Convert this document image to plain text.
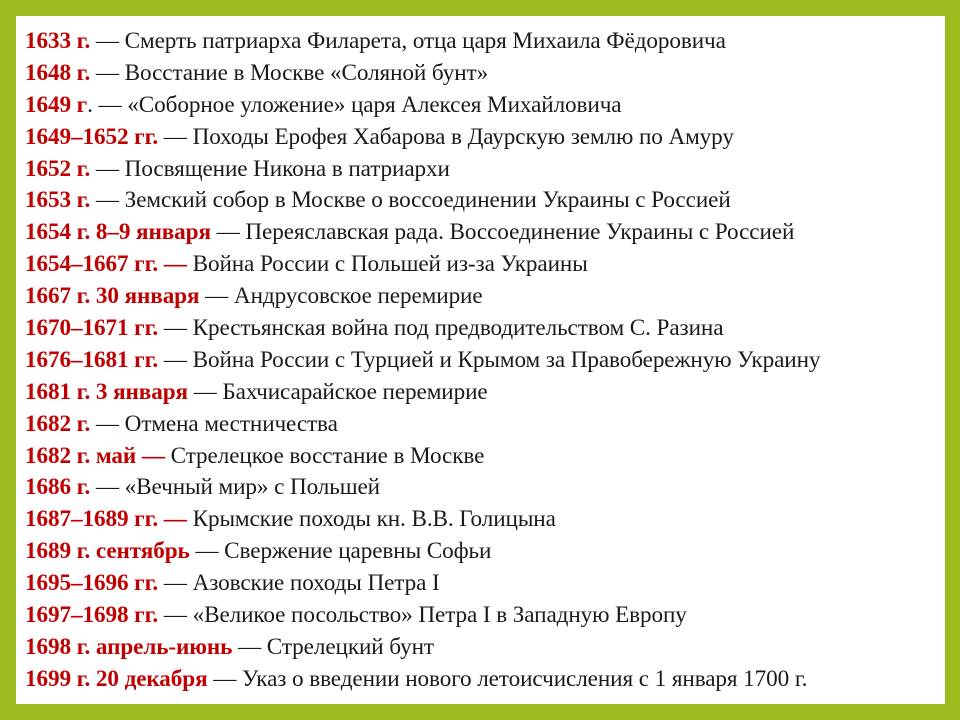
1633 г. — Смерть патриарха Филарета, отца царя Михаила Фёдоровича
1648 г. — Восстание в Москве «Соляной бунт»
1649 г. — «Соборное уложение» царя Алексея Михайловича
1649–1652 гг. — Походы Ерофея Хабарова в Даурскую землю по Амуру
1652 г. — Посвящение Никона в патриархи
1653 г. — Земский собор в Москве о воссоединении Украины с Россией
1654 г. 8–9 января — Переяславская рада. Воссоединение Украины с Россией
1654–1667 гг. — Война России с Польшей из-за Украины
1667 г. 30 января — Андрусовское перемирие
1670–1671 гг. — Крестьянская война под предводительством С. Разина
1676–1681 гг. — Война России с Турцией и Крымом за Правобережную Украину
1681 г. 3 января — Бахчисарайское перемирие
1682 г. — Отмена местничества
1682 г. май — Стрелецкое восстание в Москве
1686 г. — «Вечный мир» с Польшей
1687–1689 гг. — Крымские походы кн. В.В. Голицына
1689 г. сентябрь — Свержение царевны Софьи
1695–1696 гг. — Азовские походы Петра I
1697–1698 гг. — «Великое посольство» Петра I в Западную Европу
1698 г. апрель-июнь — Стрелецкий бунт
1699 г. 20 декабря — Указ о введении нового летоисчисления с 1 января 1700 г.
